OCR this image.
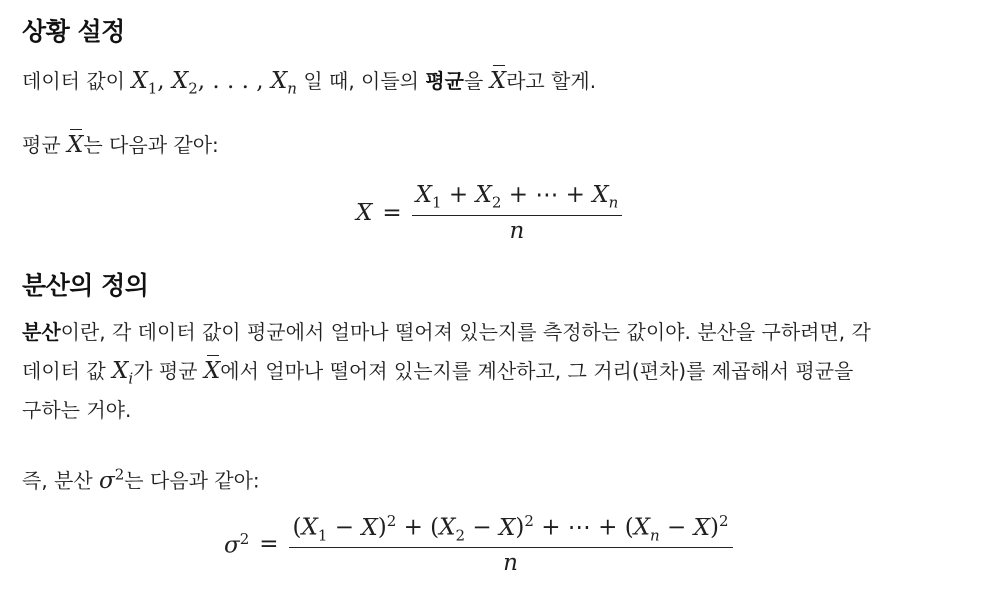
상황 설정

데이터 값이 $X_1$, $X_2$, . . . , $X_n$ 일 때, 이들의 평균을 X라고 할게.

평균 X는 다음과 같아:

$X = \frac{X_1 + X_2 + \cdots + X_n}{n}$
분산의 정의

분산이란, 각 데이터 값이 평균에서 얼마나 떨어져 있는지를 측정하는 값이야. 분산을 구하려면, 각

데이터 값 $X_i$가 평균 X에서 얼마나 떨어져 있는지를 계산하고, 그 거리(편차)를 제곱해서 평균을

구하는 거야.

즉, 분산 $\sigma^2$는 다음과 같아:

$\sigma^2$ =
$(X_1 - X)^2 + (X_2 - X)^2$ + ⋯ + $(X_n - X)^2$
n
